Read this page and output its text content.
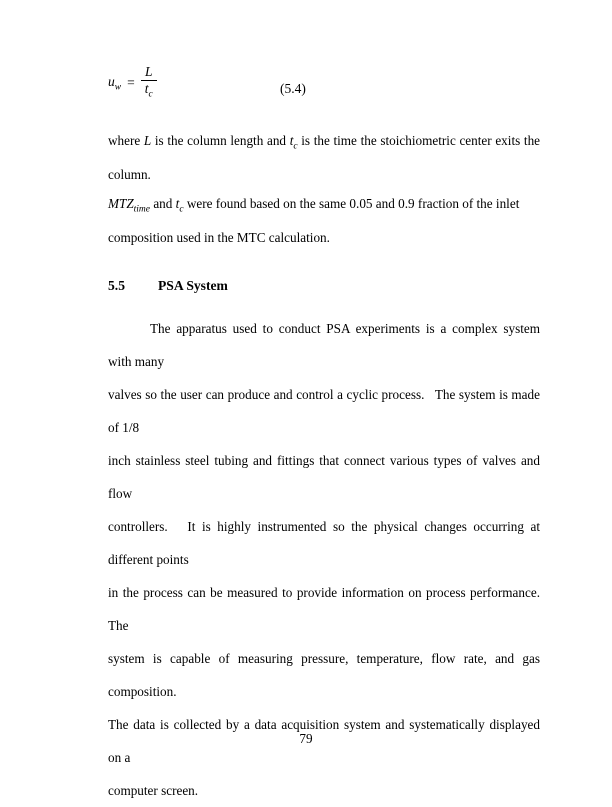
$u_w = \frac{L}{t_c}$	(5.4)

where L is the column length and $t_c$ is the time the stoichiometric center exits the column.

$MTZ_{time}$ and $t_c$ were found based on the same 0.05 and 0.9 fraction of the inlet

composition used in the MTC calculation.

5.5	PSA System

The apparatus used to conduct PSA experiments is a complex system with many

valves so the user can produce and control a cyclic process.   The system is made of 1/8

inch stainless steel tubing and fittings that connect various types of valves and flow

controllers.   It is highly instrumented so the physical changes occurring at different points

in the process can be measured to provide information on process performance.   The

system is capable of measuring pressure, temperature, flow rate, and gas composition.

The data is collected by a data acquisition system and systematically displayed on a

computer screen.

79
